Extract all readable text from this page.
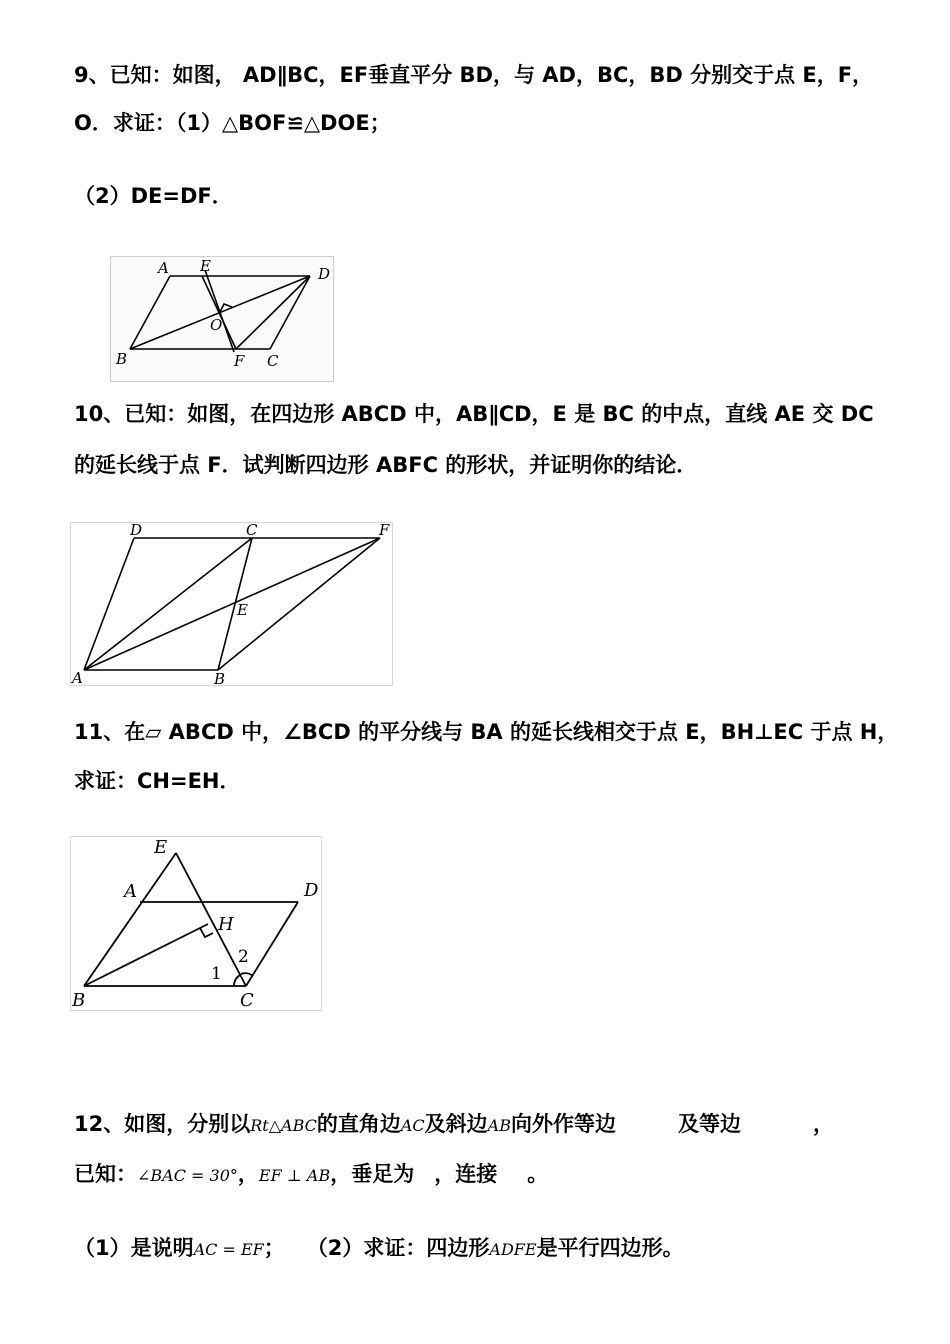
9、已知：如图， AD∥BC，EF垂直平分 BD，与 AD，BC，BD 分别交于点 E，F，
O．求证：（1）△BOF≌△DOE；
（2）DE=DF．
A E	D
O
B	F C
10、已知：如图，在四边形 ABCD 中，AB∥CD，E 是 BC 的中点，直线 AE 交 DC
的延长线于点 F．试判断四边形 ABFC 的形状，并证明你的结论．
D	C	F
E
A	B
11、在▱ ABCD 中，∠BCD 的平分线与 BA 的延长线相交于点 E，BH⊥EC 于点 H，
求证：CH=EH．
E
A	D
H
B	C
1
2
12、如图，分别以Rt△ABC的直角边AC及斜边AB向外作等边	及等边	，
已知：∠BAC = 30°，EF ⊥ AB，垂足为 ，连接 。
（1）是说明AC = EF； （2）求证：四边形ADFE是平行四边形。
